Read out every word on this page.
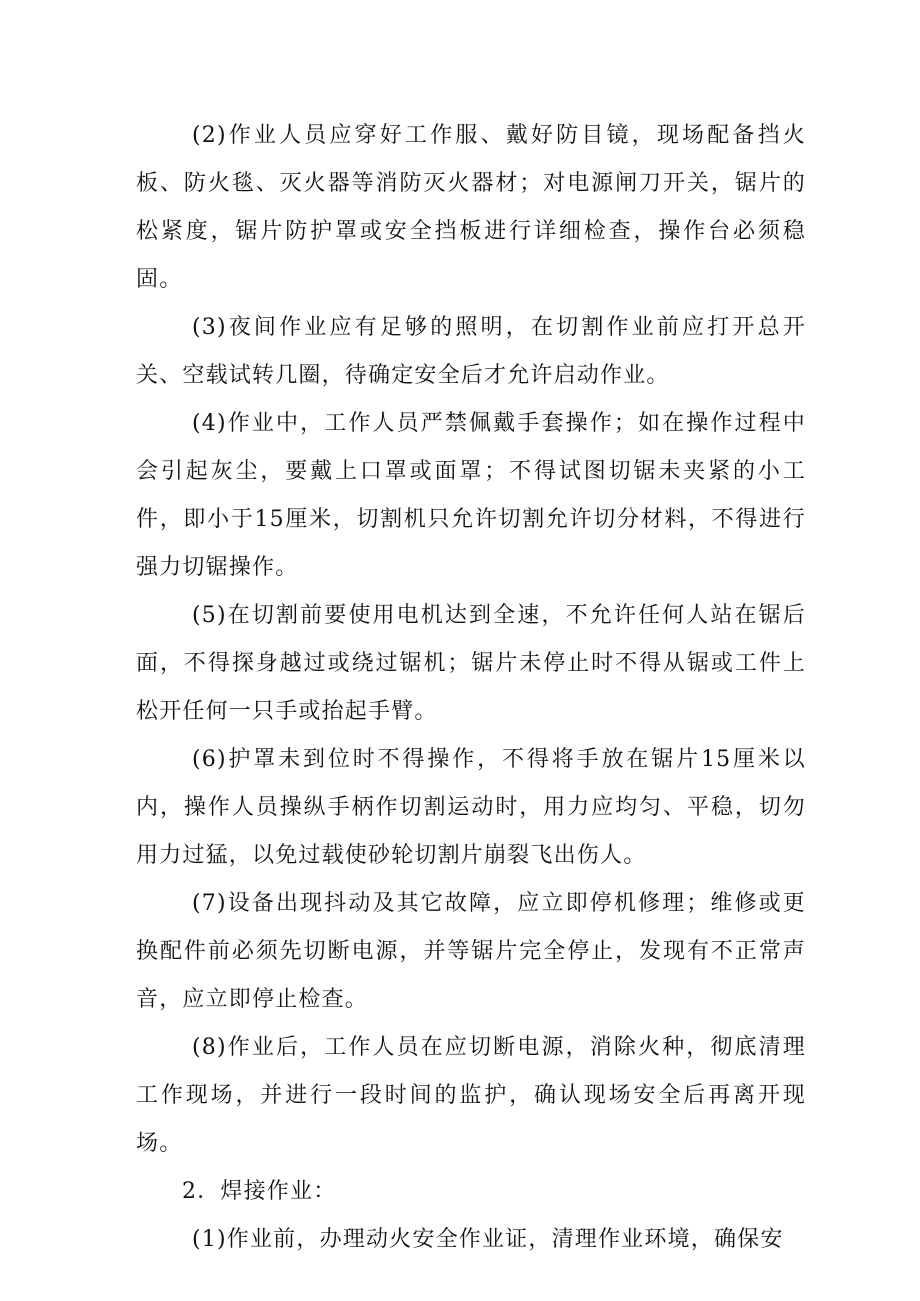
(2)作业人员应穿好工作服、戴好防目镜，现场配备挡火板、防火毯、灭火器等消防灭火器材；对电源闸刀开关，锯片的松紧度，锯片防护罩或安全挡板进行详细检查，操作台必须稳固。

(3)夜间作业应有足够的照明，在切割作业前应打开总开关、空载试转几圈，待确定安全后才允许启动作业。

(4)作业中，工作人员严禁佩戴手套操作；如在操作过程中会引起灰尘，要戴上口罩或面罩；不得试图切锯未夹紧的小工件，即小于15厘米，切割机只允许切割允许切分材料，不得进行强力切锯操作。

(5)在切割前要使用电机达到全速，不允许任何人站在锯后面，不得探身越过或绕过锯机；锯片未停止时不得从锯或工件上松开任何一只手或抬起手臂。

(6)护罩未到位时不得操作，不得将手放在锯片15厘米以内，操作人员操纵手柄作切割运动时，用力应均匀、平稳，切勿用力过猛，以免过载使砂轮切割片崩裂飞出伤人。

(7)设备出现抖动及其它故障，应立即停机修理；维修或更换配件前必须先切断电源，并等锯片完全停止，发现有不正常声音，应立即停止检查。

(8)作业后，工作人员在应切断电源，消除火种，彻底清理工作现场，并进行一段时间的监护，确认现场安全后再离开现场。

2．焊接作业：

(1)作业前，办理动火安全作业证，清理作业环境，确保安
